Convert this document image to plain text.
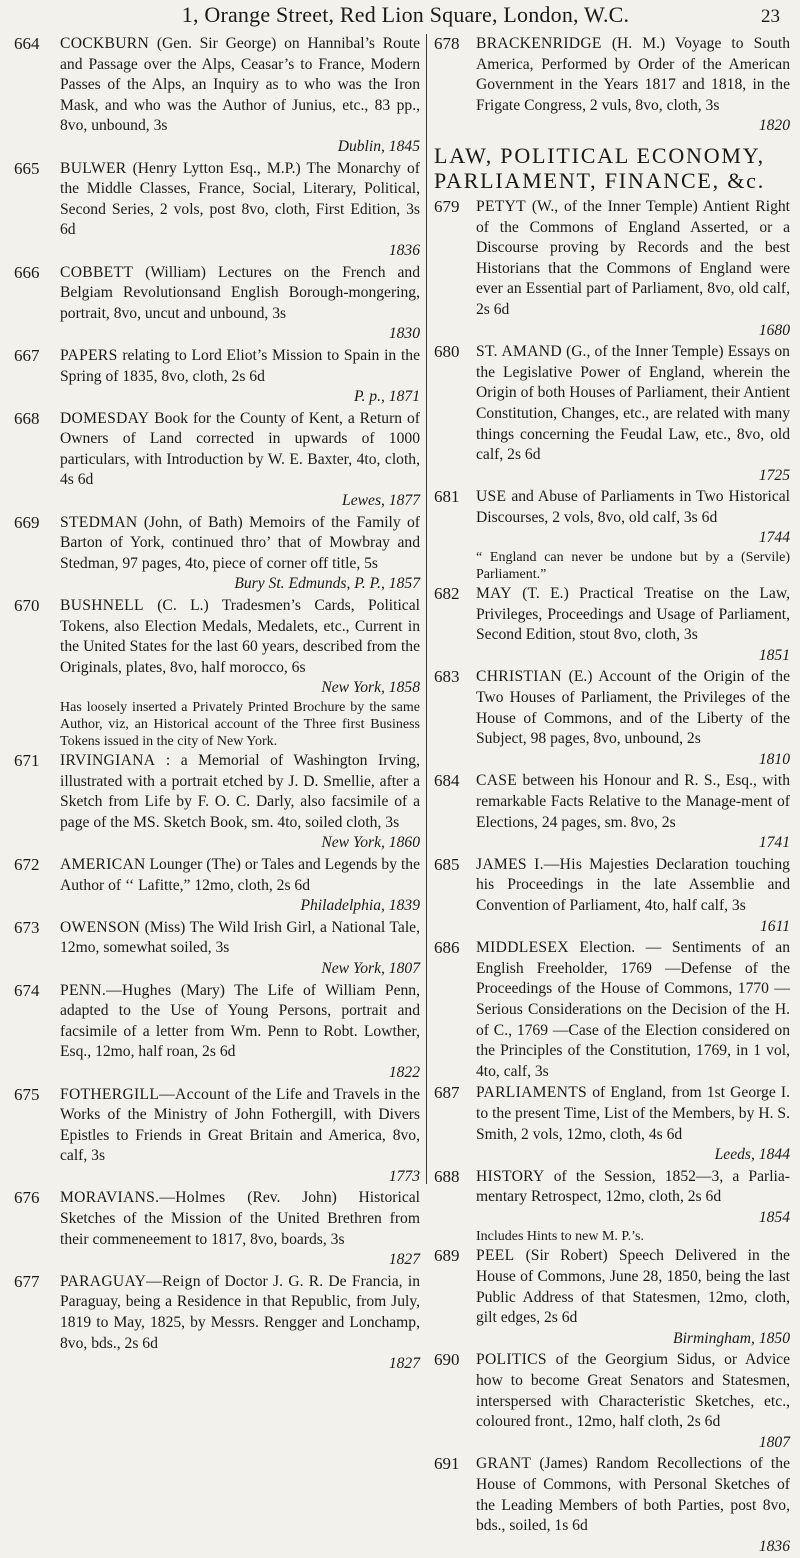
1, Orange Street, Red Lion Square, London, W.C.	23
664 COCKBURN (Gen. Sir George) on Hannibal’s Route and Passage over the Alps, Ceasar’s to France, Modern Passes of the Alps, an Inquiry as to who was the Iron Mask, and who was the Author of Junius, etc., 83 pp., 8vo, unbound, 3s
Dublin, 1845
665 BULWER (Henry Lytton Esq., M.P.) The Monarchy of the Middle Classes, France, Social, Literary, Political, Second Series, 2 vols, post 8vo, cloth, First Edition, 3s 6d
1836
666 COBBETT (William) Lectures on the French and Belgiam Revolutionsand English Borough-mongering, portrait, 8vo, uncut and unbound, 3s
1830
667 PAPERS relating to Lord Eliot’s Mission to Spain in the Spring of 1835, 8vo, cloth, 2s 6d
P. p., 1871
668 DOMESDAY Book for the County of Kent, a Return of Owners of Land corrected in upwards of 1000 particulars, with Introduction by W. E. Baxter, 4to, cloth, 4s 6d
Lewes, 1877
669 STEDMAN (John, of Bath) Memoirs of the Family of Barton of York, continued thro’ that of Mowbray and Stedman, 97 pages, 4to, piece of corner off title, 5s
Bury St. Edmunds, P. P., 1857
670 BUSHNELL (C. L.) Tradesmen’s Cards, Political Tokens, also Election Medals, Medalets, etc., Current in the United States for the last 60 years, described from the Originals, plates, 8vo, half morocco, 6s
New York, 1858
Has loosely inserted a Privately Printed Brochure by the same Author, viz, an Historical account of the Three first Business Tokens issued in the city of New York.
671 IRVINGIANA : a Memorial of Washington Irving, illustrated with a portrait etched by J. D. Smellie, after a Sketch from Life by F. O. C. Darly, also facsimile of a page of the MS. Sketch Book, sm. 4to, soiled cloth, 3s
New York, 1860
672 AMERICAN Lounger (The) or Tales and Legends by the Author of ‘‘ Lafitte,” 12mo, cloth, 2s 6d
Philadelphia, 1839
673 OWENSON (Miss) The Wild Irish Girl, a National Tale, 12mo, somewhat soiled, 3s
New York, 1807
674 PENN.—Hughes (Mary) The Life of William Penn, adapted to the Use of Young Persons, portrait and facsimile of a letter from Wm. Penn to Robt. Lowther, Esq., 12mo, half roan, 2s 6d
1822
675 FOTHERGILL—Account of the Life and Travels in the Works of the Ministry of John Fothergill, with Divers Epistles to Friends in Great Britain and America, 8vo, calf, 3s
1773
676 MORAVIANS.—Holmes (Rev. John) Historical Sketches of the Mission of the United Brethren from their commeneement to 1817, 8vo, boards, 3s
1827
677 PARAGUAY—Reign of Doctor J. G. R. De Francia, in Paraguay, being a Residence in that Republic, from July, 1819 to May, 1825, by Messrs. Rengger and Lonchamp, 8vo, bds., 2s 6d
1827
678 BRACKENRIDGE (H. M.) Voyage to South America, Performed by Order of the American Government in the Years 1817 and 1818, in the Frigate Congress, 2 vuls, 8vo, cloth, 3s
1820
LAW, POLITICAL ECONOMY, PARLIAMENT, FINANCE, &c.
679 PETYT (W., of the Inner Temple) Antient Right of the Commons of England Asserted, or a Discourse proving by Records and the best Historians that the Commons of England were ever an Essential part of Parliament, 8vo, old calf, 2s 6d
1680
680 ST. AMAND (G., of the Inner Temple) Essays on the Legislative Power of England, wherein the Origin of both Houses of Parliament, their Antient Constitution, Changes, etc., are related with many things concerning the Feudal Law, etc., 8vo, old calf, 2s 6d
1725
681 USE and Abuse of Parliaments in Two Historical Discourses, 2 vols, 8vo, old calf, 3s 6d
1744
“ England can never be undone but by a (Servile) Parliament.”
682 MAY (T. E.) Practical Treatise on the Law, Privileges, Proceedings and Usage of Parliament, Second Edition, stout 8vo, cloth, 3s
1851
683 CHRISTIAN (E.) Account of the Origin of the Two Houses of Parliament, the Privileges of the House of Commons, and of the Liberty of the Subject, 98 pages, 8vo, unbound, 2s
1810
684 CASE between his Honour and R. S., Esq., with remarkable Facts Relative to the Manage-ment of Elections, 24 pages, sm. 8vo, 2s
1741
685 JAMES I.—His Majesties Declaration touching his Proceedings in the late Assemblie and Convention of Parliament, 4to, half calf, 3s
1611
686 MIDDLESEX Election. — Sentiments of an English Freeholder, 1769 —Defense of the Proceedings of the House of Commons, 1770 —Serious Considerations on the Decision of the H. of C., 1769 —Case of the Election considered on the Principles of the Constitution, 1769, in 1 vol, 4to, calf, 3s
687 PARLIAMENTS of England, from 1st George I. to the present Time, List of the Members, by H. S. Smith, 2 vols, 12mo, cloth, 4s 6d
Leeds, 1844
688 HISTORY of the Session, 1852—3, a Parlia-mentary Retrospect, 12mo, cloth, 2s 6d
1854
Includes Hints to new M. P.’s.
689 PEEL (Sir Robert) Speech Delivered in the House of Commons, June 28, 1850, being the last Public Address of that Statesmen, 12mo, cloth, gilt edges, 2s 6d
Birmingham, 1850
690 POLITICS of the Georgium Sidus, or Advice how to become Great Senators and Statesmen, interspersed with Characteristic Sketches, etc., coloured front., 12mo, half cloth, 2s 6d
1807
691 GRANT (James) Random Recollections of the House of Commons, with Personal Sketches of the Leading Members of both Parties, post 8vo, bds., soiled, 1s 6d
1836
